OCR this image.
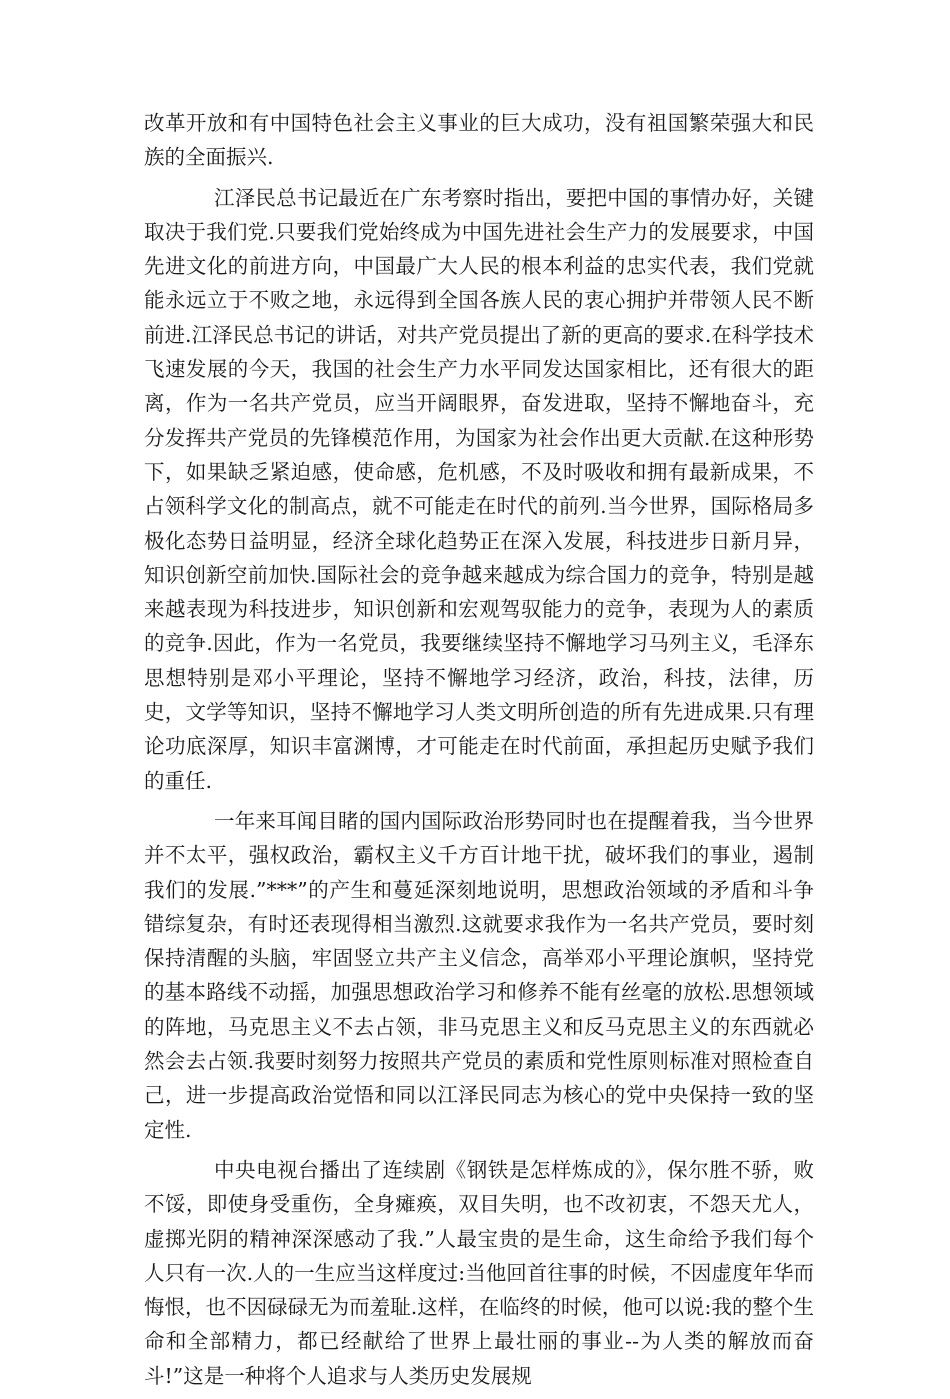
改革开放和有中国特色社会主义事业的巨大成功，没有祖国繁荣强大和民族的全面振兴.

江泽民总书记最近在广东考察时指出，要把中国的事情办好，关键取决于我们党.只要我们党始终成为中国先进社会生产力的发展要求，中国先进文化的前进方向，中国最广大人民的根本利益的忠实代表，我们党就能永远立于不败之地，永远得到全国各族人民的衷心拥护并带领人民不断前进.江泽民总书记的讲话，对共产党员提出了新的更高的要求.在科学技术飞速发展的今天，我国的社会生产力水平同发达国家相比，还有很大的距离，作为一名共产党员，应当开阔眼界，奋发进取，坚持不懈地奋斗，充分发挥共产党员的先锋模范作用，为国家为社会作出更大贡献.在这种形势下，如果缺乏紧迫感，使命感，危机感，不及时吸收和拥有最新成果，不占领科学文化的制高点，就不可能走在时代的前列.当今世界，国际格局多极化态势日益明显，经济全球化趋势正在深入发展，科技进步日新月异，知识创新空前加快.国际社会的竞争越来越成为综合国力的竞争，特别是越来越表现为科技进步，知识创新和宏观驾驭能力的竞争，表现为人的素质的竞争.因此，作为一名党员，我要继续坚持不懈地学习马列主义，毛泽东思想特别是邓小平理论，坚持不懈地学习经济，政治，科技，法律，历史，文学等知识，坚持不懈地学习人类文明所创造的所有先进成果.只有理论功底深厚，知识丰富渊博，才可能走在时代前面，承担起历史赋予我们的重任.

一年来耳闻目睹的国内国际政治形势同时也在提醒着我，当今世界并不太平，强权政治，霸权主义千方百计地干扰，破坏我们的事业，遏制我们的发展.”***”的产生和蔓延深刻地说明，思想政治领域的矛盾和斗争错综复杂，有时还表现得相当激烈.这就要求我作为一名共产党员，要时刻保持清醒的头脑，牢固竖立共产主义信念，高举邓小平理论旗帜，坚持党的基本路线不动摇，加强思想政治学习和修养不能有丝毫的放松.思想领域的阵地，马克思主义不去占领，非马克思主义和反马克思主义的东西就必然会去占领.我要时刻努力按照共产党员的素质和党性原则标准对照检查自己，进一步提高政治觉悟和同以江泽民同志为核心的党中央保持一致的坚定性.

中央电视台播出了连续剧《钢铁是怎样炼成的》，保尔胜不骄，败不馁，即使身受重伤，全身瘫痪，双目失明，也不改初衷，不怨天尤人，虚掷光阴的精神深深感动了我.”人最宝贵的是生命，这生命给予我们每个人只有一次.人的一生应当这样度过:当他回首往事的时候，不因虚度年华而悔恨，也不因碌碌无为而羞耻.这样，在临终的时候，他可以说:我的整个生命和全部精力，都已经献给了世界上最壮丽的事业--为人类的解放而奋斗!”这是一种将个人追求与人类历史发展规
